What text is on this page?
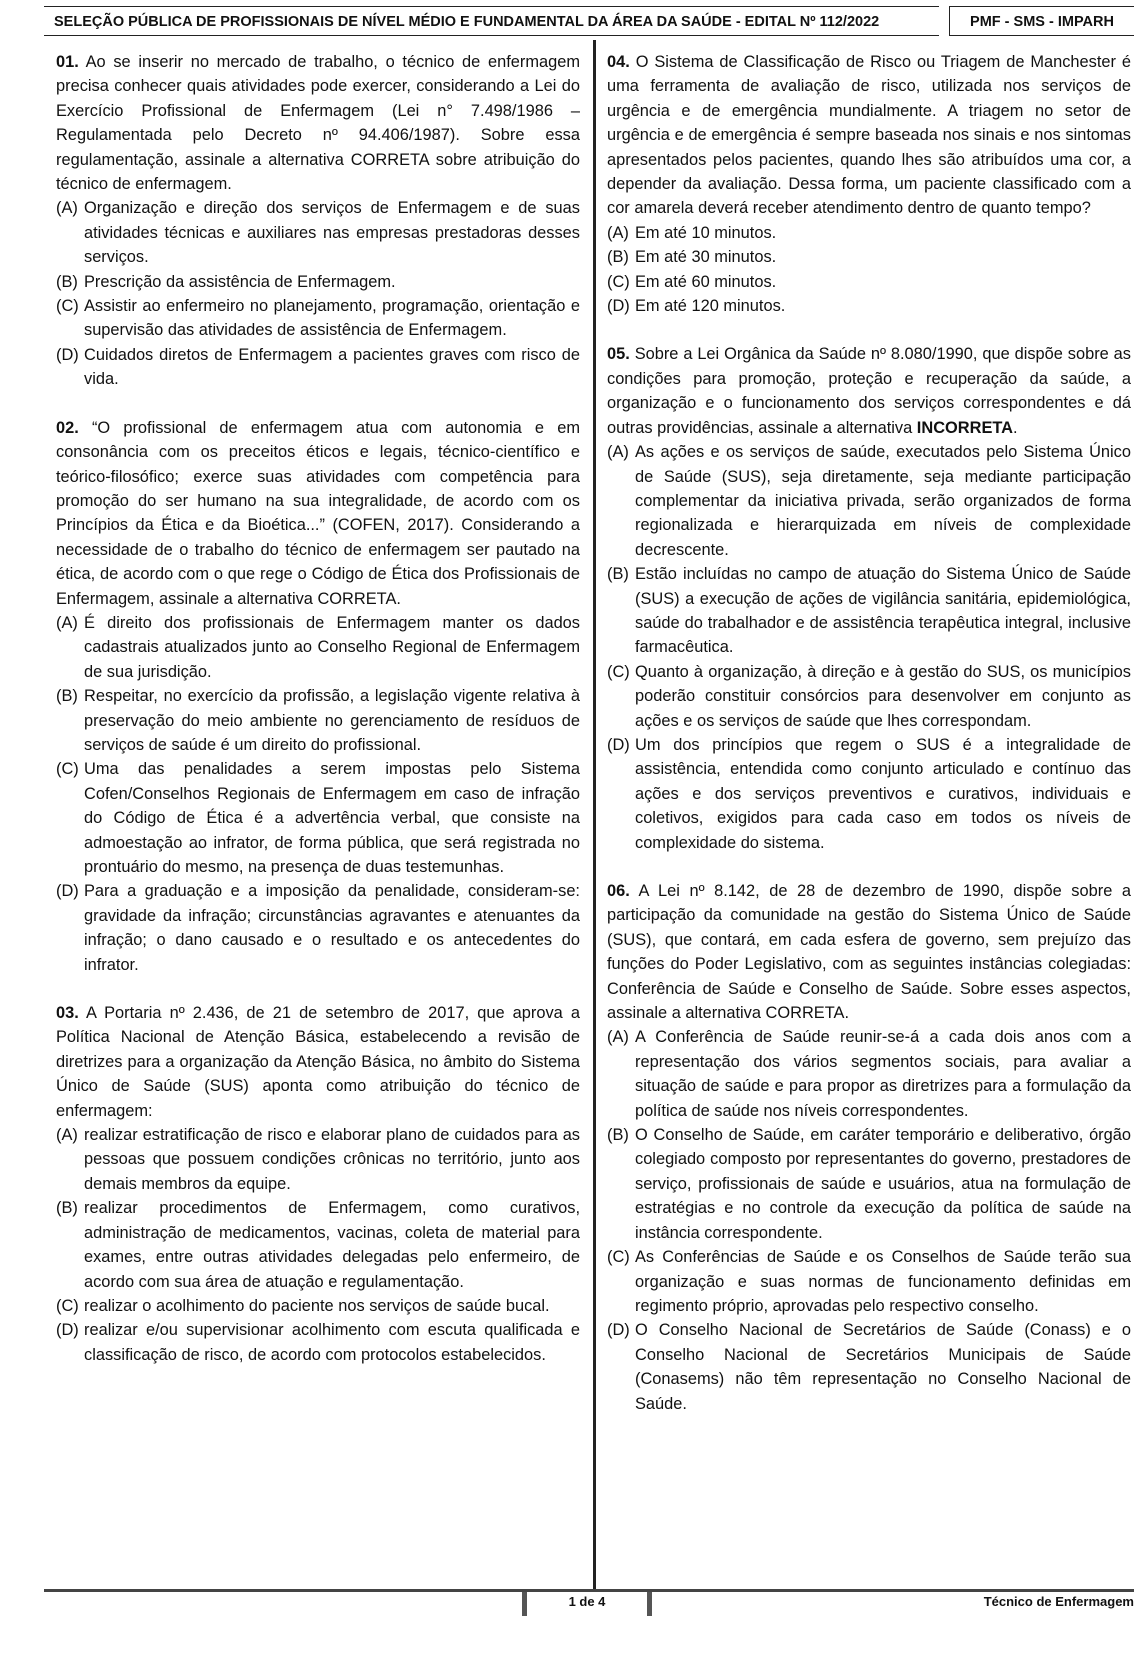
SELEÇÃO PÚBLICA DE PROFISSIONAIS DE NÍVEL MÉDIO E FUNDAMENTAL DA ÁREA DA SAÚDE - EDITAL Nº 112/2022	PMF - SMS - IMPARH

01. Ao se inserir no mercado de trabalho, o técnico de enfermagem precisa conhecer quais atividades pode exercer, considerando a Lei do Exercício Profissional de Enfermagem (Lei n° 7.498/1986 – Regulamentada pelo Decreto nº 94.406/1987). Sobre essa regulamentação, assinale a alternativa CORRETA sobre atribuição do técnico de enfermagem.

(A) Organização e direção dos serviços de Enfermagem e de suas atividades técnicas e auxiliares nas empresas prestadoras desses serviços.

(B) Prescrição da assistência de Enfermagem.

(C) Assistir ao enfermeiro no planejamento, programação, orientação e supervisão das atividades de assistência de Enfermagem.

(D) Cuidados diretos de Enfermagem a pacientes graves com risco de vida.

02. “O profissional de enfermagem atua com autonomia e em consonância com os preceitos éticos e legais, técnico-científico e teórico-filosófico; exerce suas atividades com competência para promoção do ser humano na sua integralidade, de acordo com os Princípios da Ética e da Bioética...” (COFEN, 2017). Considerando a necessidade de o trabalho do técnico de enfermagem ser pautado na ética, de acordo com o que rege o Código de Ética dos Profissionais de Enfermagem, assinale a alternativa CORRETA.

(A) É direito dos profissionais de Enfermagem manter os dados cadastrais atualizados junto ao Conselho Regional de Enfermagem de sua jurisdição.

(B) Respeitar, no exercício da profissão, a legislação vigente relativa à preservação do meio ambiente no gerenciamento de resíduos de serviços de saúde é um direito do profissional.

(C) Uma das penalidades a serem impostas pelo Sistema Cofen/Conselhos Regionais de Enfermagem em caso de infração do Código de Ética é a advertência verbal, que consiste na admoestação ao infrator, de forma pública, que será registrada no prontuário do mesmo, na presença de duas testemunhas.

(D) Para a graduação e a imposição da penalidade, consideram-se: gravidade da infração; circunstâncias agravantes e atenuantes da infração; o dano causado e o resultado e os antecedentes do infrator.

03. A Portaria nº 2.436, de 21 de setembro de 2017, que aprova a Política Nacional de Atenção Básica, estabelecendo a revisão de diretrizes para a organização da Atenção Básica, no âmbito do Sistema Único de Saúde (SUS) aponta como atribuição do técnico de enfermagem:

(A) realizar estratificação de risco e elaborar plano de cuidados para as pessoas que possuem condições crônicas no território, junto aos demais membros da equipe.

(B) realizar procedimentos de Enfermagem, como curativos, administração de medicamentos, vacinas, coleta de material para exames, entre outras atividades delegadas pelo enfermeiro, de acordo com sua área de atuação e regulamentação.

(C) realizar o acolhimento do paciente nos serviços de saúde bucal.

(D) realizar e/ou supervisionar acolhimento com escuta qualificada e classificação de risco, de acordo com protocolos estabelecidos.

04. O Sistema de Classificação de Risco ou Triagem de Manchester é uma ferramenta de avaliação de risco, utilizada nos serviços de urgência e de emergência mundialmente. A triagem no setor de urgência e de emergência é sempre baseada nos sinais e nos sintomas apresentados pelos pacientes, quando lhes são atribuídos uma cor, a depender da avaliação. Dessa forma, um paciente classificado com a cor amarela deverá receber atendimento dentro de quanto tempo?

(A) Em até 10 minutos.

(B) Em até 30 minutos.

(C) Em até 60 minutos.

(D) Em até 120 minutos.

05. Sobre a Lei Orgânica da Saúde nº 8.080/1990, que dispõe sobre as condições para promoção, proteção e recuperação da saúde, a organização e o funcionamento dos serviços correspondentes e dá outras providências, assinale a alternativa INCORRETA.

(A) As ações e os serviços de saúde, executados pelo Sistema Único de Saúde (SUS), seja diretamente, seja mediante participação complementar da iniciativa privada, serão organizados de forma regionalizada e hierarquizada em níveis de complexidade decrescente.

(B) Estão incluídas no campo de atuação do Sistema Único de Saúde (SUS) a execução de ações de vigilância sanitária, epidemiológica, saúde do trabalhador e de assistência terapêutica integral, inclusive farmacêutica.

(C) Quanto à organização, à direção e à gestão do SUS, os municípios poderão constituir consórcios para desenvolver em conjunto as ações e os serviços de saúde que lhes correspondam.

(D) Um dos princípios que regem o SUS é a integralidade de assistência, entendida como conjunto articulado e contínuo das ações e dos serviços preventivos e curativos, individuais e coletivos, exigidos para cada caso em todos os níveis de complexidade do sistema.

06. A Lei nº 8.142, de 28 de dezembro de 1990, dispõe sobre a participação da comunidade na gestão do Sistema Único de Saúde (SUS), que contará, em cada esfera de governo, sem prejuízo das funções do Poder Legislativo, com as seguintes instâncias colegiadas: Conferência de Saúde e Conselho de Saúde. Sobre esses aspectos, assinale a alternativa CORRETA.

(A) A Conferência de Saúde reunir-se-á a cada dois anos com a representação dos vários segmentos sociais, para avaliar a situação de saúde e para propor as diretrizes para a formulação da política de saúde nos níveis correspondentes.

(B) O Conselho de Saúde, em caráter temporário e deliberativo, órgão colegiado composto por representantes do governo, prestadores de serviço, profissionais de saúde e usuários, atua na formulação de estratégias e no controle da execução da política de saúde na instância correspondente.

(C) As Conferências de Saúde e os Conselhos de Saúde terão sua organização e suas normas de funcionamento definidas em regimento próprio, aprovadas pelo respectivo conselho.

(D) O Conselho Nacional de Secretários de Saúde (Conass) e o Conselho Nacional de Secretários Municipais de Saúde (Conasems) não têm representação no Conselho Nacional de Saúde.

1 de 4	Técnico de Enfermagem
